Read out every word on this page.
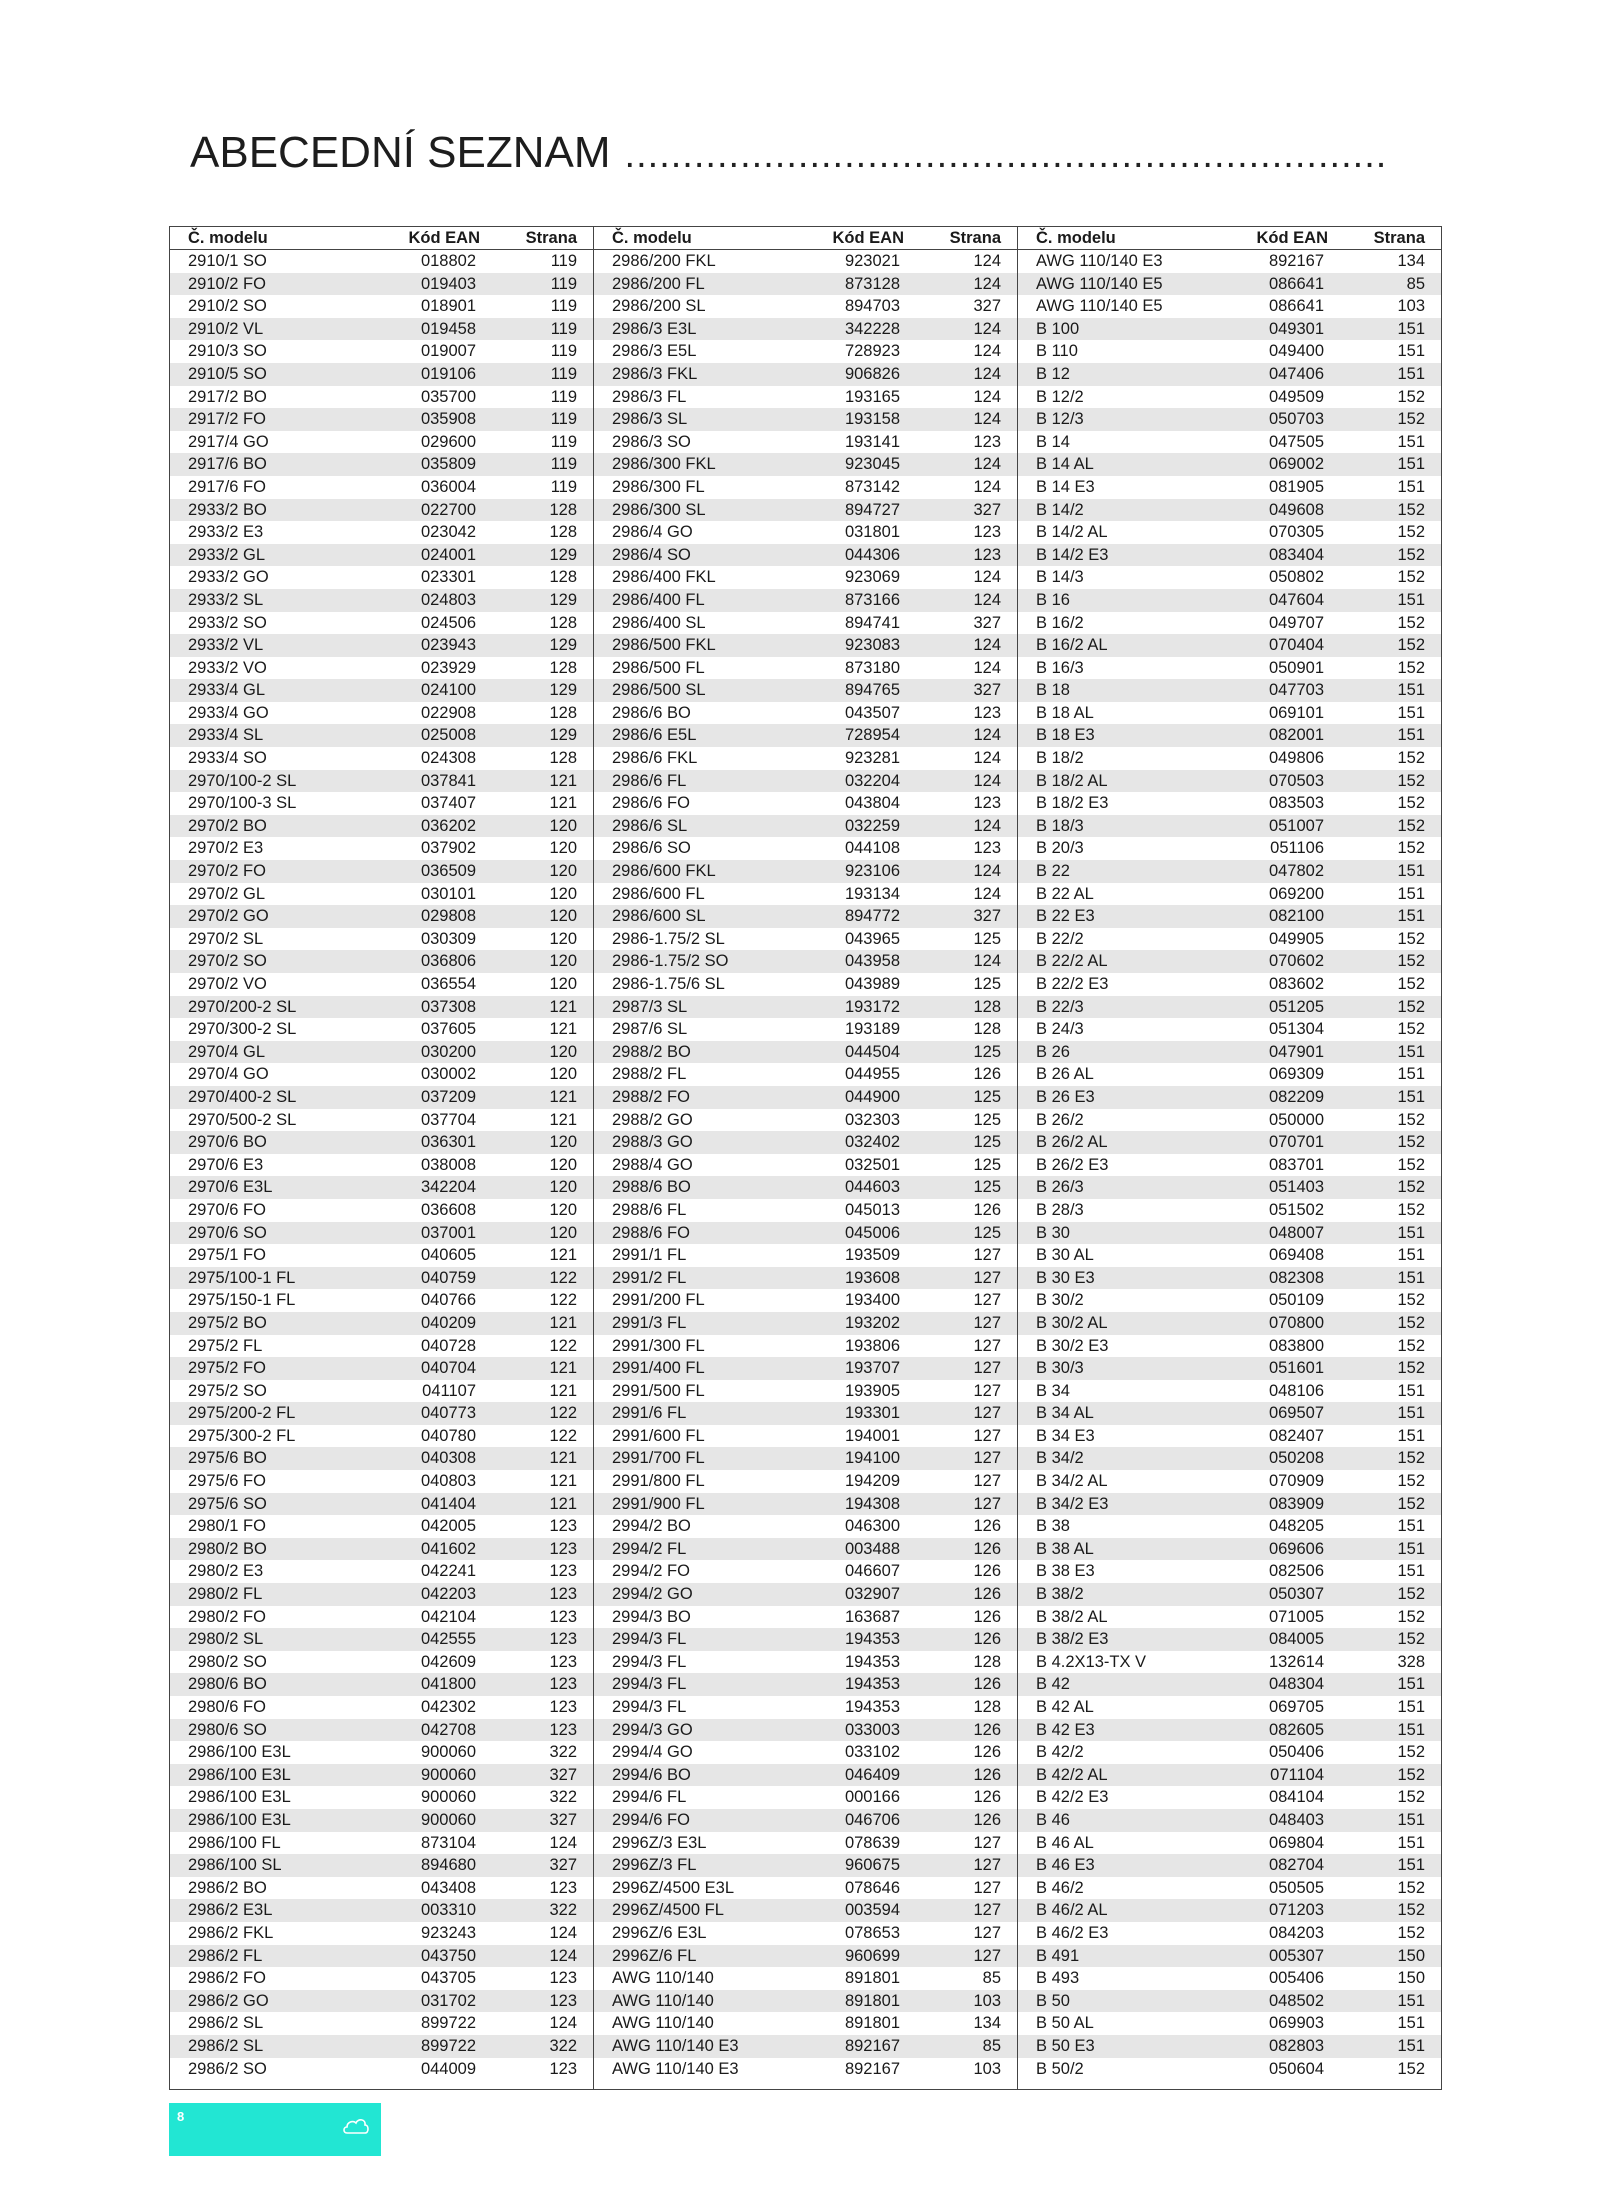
ABECEDNÍ SEZNAM ..................................................................
Č. modelu	Kód EAN	Strana
2910/1 SO	018802	119
2910/2 FO	019403	119
2910/2 SO	018901	119
2910/2 VL	019458	119
2910/3 SO	019007	119
2910/5 SO	019106	119
2917/2 BO	035700	119
2917/2 FO	035908	119
2917/4 GO	029600	119
2917/6 BO	035809	119
2917/6 FO	036004	119
2933/2 BO	022700	128
2933/2 E3	023042	128
2933/2 GL	024001	129
2933/2 GO	023301	128
2933/2 SL	024803	129
2933/2 SO	024506	128
2933/2 VL	023943	129
2933/2 VO	023929	128
2933/4 GL	024100	129
2933/4 GO	022908	128
2933/4 SL	025008	129
2933/4 SO	024308	128
2970/100-2 SL	037841	121
2970/100-3 SL	037407	121
2970/2 BO	036202	120
2970/2 E3	037902	120
2970/2 FO	036509	120
2970/2 GL	030101	120
2970/2 GO	029808	120
2970/2 SL	030309	120
2970/2 SO	036806	120
2970/2 VO	036554	120
2970/200-2 SL	037308	121
2970/300-2 SL	037605	121
2970/4 GL	030200	120
2970/4 GO	030002	120
2970/400-2 SL	037209	121
2970/500-2 SL	037704	121
2970/6 BO	036301	120
2970/6 E3	038008	120
2970/6 E3L	342204	120
2970/6 FO	036608	120
2970/6 SO	037001	120
2975/1 FO	040605	121
2975/100-1 FL	040759	122
2975/150-1 FL	040766	122
2975/2 BO	040209	121
2975/2 FL	040728	122
2975/2 FO	040704	121
2975/2 SO	041107	121
2975/200-2 FL	040773	122
2975/300-2 FL	040780	122
2975/6 BO	040308	121
2975/6 FO	040803	121
2975/6 SO	041404	121
2980/1 FO	042005	123
2980/2 BO	041602	123
2980/2 E3	042241	123
2980/2 FL	042203	123
2980/2 FO	042104	123
2980/2 SL	042555	123
2980/2 SO	042609	123
2980/6 BO	041800	123
2980/6 FO	042302	123
2980/6 SO	042708	123
2986/100 E3L	900060	322
2986/100 E3L	900060	327
2986/100 E3L	900060	322
2986/100 E3L	900060	327
2986/100 FL	873104	124
2986/100 SL	894680	327
2986/2 BO	043408	123
2986/2 E3L	003310	322
2986/2 FKL	923243	124
2986/2 FL	043750	124
2986/2 FO	043705	123
2986/2 GO	031702	123
2986/2 SL	899722	124
2986/2 SL	899722	322
2986/2 SO	044009	123
Č. modelu	Kód EAN	Strana
2986/200 FKL	923021	124
2986/200 FL	873128	124
2986/200 SL	894703	327
2986/3 E3L	342228	124
2986/3 E5L	728923	124
2986/3 FKL	906826	124
2986/3 FL	193165	124
2986/3 SL	193158	124
2986/3 SO	193141	123
2986/300 FKL	923045	124
2986/300 FL	873142	124
2986/300 SL	894727	327
2986/4 GO	031801	123
2986/4 SO	044306	123
2986/400 FKL	923069	124
2986/400 FL	873166	124
2986/400 SL	894741	327
2986/500 FKL	923083	124
2986/500 FL	873180	124
2986/500 SL	894765	327
2986/6 BO	043507	123
2986/6 E5L	728954	124
2986/6 FKL	923281	124
2986/6 FL	032204	124
2986/6 FO	043804	123
2986/6 SL	032259	124
2986/6 SO	044108	123
2986/600 FKL	923106	124
2986/600 FL	193134	124
2986/600 SL	894772	327
2986-1.75/2 SL	043965	125
2986-1.75/2 SO	043958	124
2986-1.75/6 SL	043989	125
2987/3 SL	193172	128
2987/6 SL	193189	128
2988/2 BO	044504	125
2988/2 FL	044955	126
2988/2 FO	044900	125
2988/2 GO	032303	125
2988/3 GO	032402	125
2988/4 GO	032501	125
2988/6 BO	044603	125
2988/6 FL	045013	126
2988/6 FO	045006	125
2991/1 FL	193509	127
2991/2 FL	193608	127
2991/200 FL	193400	127
2991/3 FL	193202	127
2991/300 FL	193806	127
2991/400 FL	193707	127
2991/500 FL	193905	127
2991/6 FL	193301	127
2991/600 FL	194001	127
2991/700 FL	194100	127
2991/800 FL	194209	127
2991/900 FL	194308	127
2994/2 BO	046300	126
2994/2 FL	003488	126
2994/2 FO	046607	126
2994/2 GO	032907	126
2994/3 BO	163687	126
2994/3 FL	194353	126
2994/3 FL	194353	128
2994/3 FL	194353	126
2994/3 FL	194353	128
2994/3 GO	033003	126
2994/4 GO	033102	126
2994/6 BO	046409	126
2994/6 FL	000166	126
2994/6 FO	046706	126
2996Z/3 E3L	078639	127
2996Z/3 FL	960675	127
2996Z/4500 E3L	078646	127
2996Z/4500 FL	003594	127
2996Z/6 E3L	078653	127
2996Z/6 FL	960699	127
AWG 110/140	891801	85
AWG 110/140	891801	103
AWG 110/140	891801	134
AWG 110/140 E3	892167	85
AWG 110/140 E3	892167	103
Č. modelu	Kód EAN	Strana
AWG 110/140 E3	892167	134
AWG 110/140 E5	086641	85
AWG 110/140 E5	086641	103
B 100	049301	151
B 110	049400	151
B 12	047406	151
B 12/2	049509	152
B 12/3	050703	152
B 14	047505	151
B 14 AL	069002	151
B 14 E3	081905	151
B 14/2	049608	152
B 14/2 AL	070305	152
B 14/2 E3	083404	152
B 14/3	050802	152
B 16	047604	151
B 16/2	049707	152
B 16/2 AL	070404	152
B 16/3	050901	152
B 18	047703	151
B 18 AL	069101	151
B 18 E3	082001	151
B 18/2	049806	152
B 18/2 AL	070503	152
B 18/2 E3	083503	152
B 18/3	051007	152
B 20/3	051106	152
B 22	047802	151
B 22 AL	069200	151
B 22 E3	082100	151
B 22/2	049905	152
B 22/2 AL	070602	152
B 22/2 E3	083602	152
B 22/3	051205	152
B 24/3	051304	152
B 26	047901	151
B 26 AL	069309	151
B 26 E3	082209	151
B 26/2	050000	152
B 26/2 AL	070701	152
B 26/2 E3	083701	152
B 26/3	051403	152
B 28/3	051502	152
B 30	048007	151
B 30 AL	069408	151
B 30 E3	082308	151
B 30/2	050109	152
B 30/2 AL	070800	152
B 30/2 E3	083800	152
B 30/3	051601	152
B 34	048106	151
B 34 AL	069507	151
B 34 E3	082407	151
B 34/2	050208	152
B 34/2 AL	070909	152
B 34/2 E3	083909	152
B 38	048205	151
B 38 AL	069606	151
B 38 E3	082506	151
B 38/2	050307	152
B 38/2 AL	071005	152
B 38/2 E3	084005	152
B 4.2X13-TX V	132614	328
B 42	048304	151
B 42 AL	069705	151
B 42 E3	082605	151
B 42/2	050406	152
B 42/2 AL	071104	152
B 42/2 E3	084104	152
B 46	048403	151
B 46 AL	069804	151
B 46 E3	082704	151
B 46/2	050505	152
B 46/2 AL	071203	152
B 46/2 E3	084203	152
B 491	005307	150
B 493	005406	150
B 50	048502	151
B 50 AL	069903	151
B 50 E3	082803	151
B 50/2	050604	152
8
